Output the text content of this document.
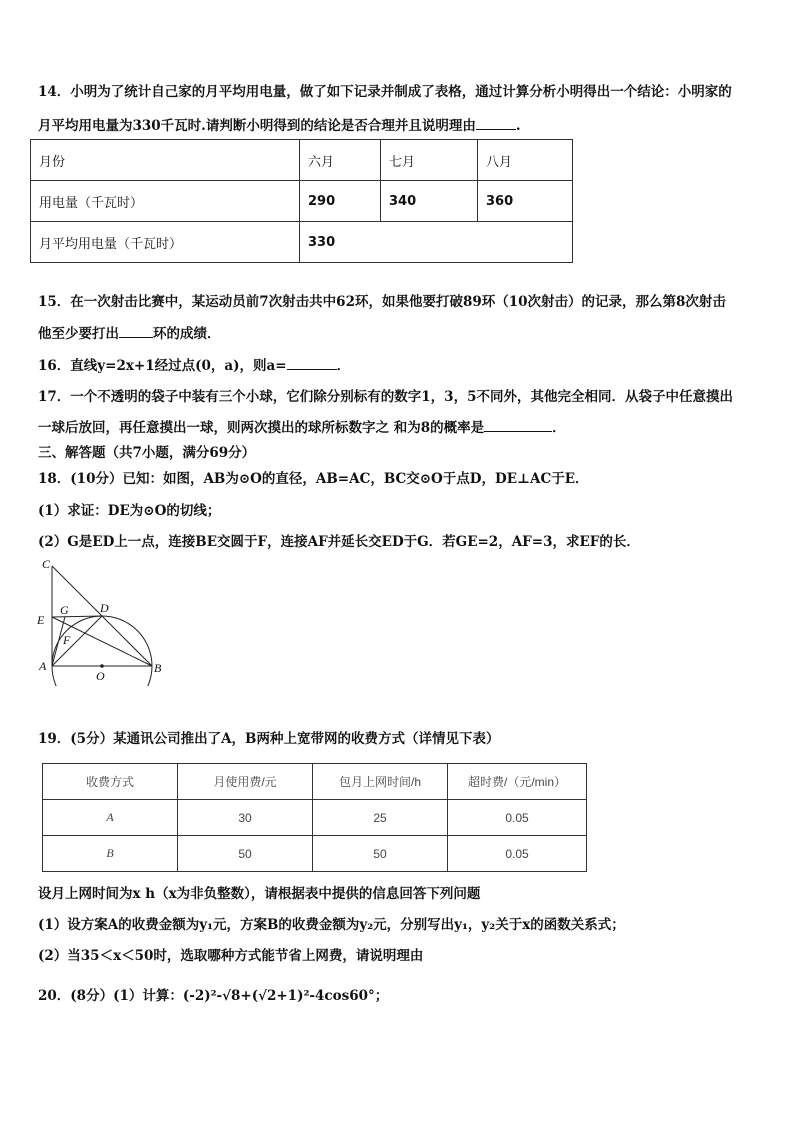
14．小明为了统计自己家的月平均用电量，做了如下记录并制成了表格，通过计算分析小明得出一个结论：小明家的
月平均用电量为330千瓦时.请判断小明得到的结论是否合理并且说明理由	.
月份	六月	七月	八月
用电量（千瓦时）	290	340	360
月平均用电量（千瓦时）	330		
15．在一次射击比赛中，某运动员前7次射击共中62环，如果他要打破89环（10次射击）的记录，那么第8次射击
他至少要打出	环的成绩．
16．直线y=2x+1经过点(0，a)，则a=	．
17．一个不透明的袋子中装有三个小球，它们除分别标有的数字1，3，5不同外，其他完全相同．从袋子中任意摸出
一球后放回，再任意摸出一球，则两次摸出的球所标数字之 和为8的概率是	．
三、解答题（共7小题，满分69分）
18．(10分）已知：如图，AB为⊙O的直径，AB=AC，BC交⊙O于点D，DE⊥AC于E．
(1）求证：DE为⊙O的切线；
(2）G是ED上一点，连接BE交圆于F，连接AF并延长交ED于G．若GE=2，AF=3，求EF的长．
C
E
G	D
F
A
O
B
19．(5分）某通讯公司推出了A，B两种上宽带网的收费方式（详情见下表）
收费方式	月使用费/元	包月上网时间/h	超时费/（元/min）
A	30	25	0.05
B	50	50	0.05
设月上网时间为x h（x为非负整数），请根据表中提供的信息回答下列问题
(1）设方案A的收费金额为y₁元，方案B的收费金额为y₂元，分别写出y₁，y₂关于x的函数关系式；
(2）当35＜x＜50时，选取哪种方式能节省上网费，请说明理由
20．(8分）(1）计算：(-2)²-√8+(√2+1)²-4cos60°；
